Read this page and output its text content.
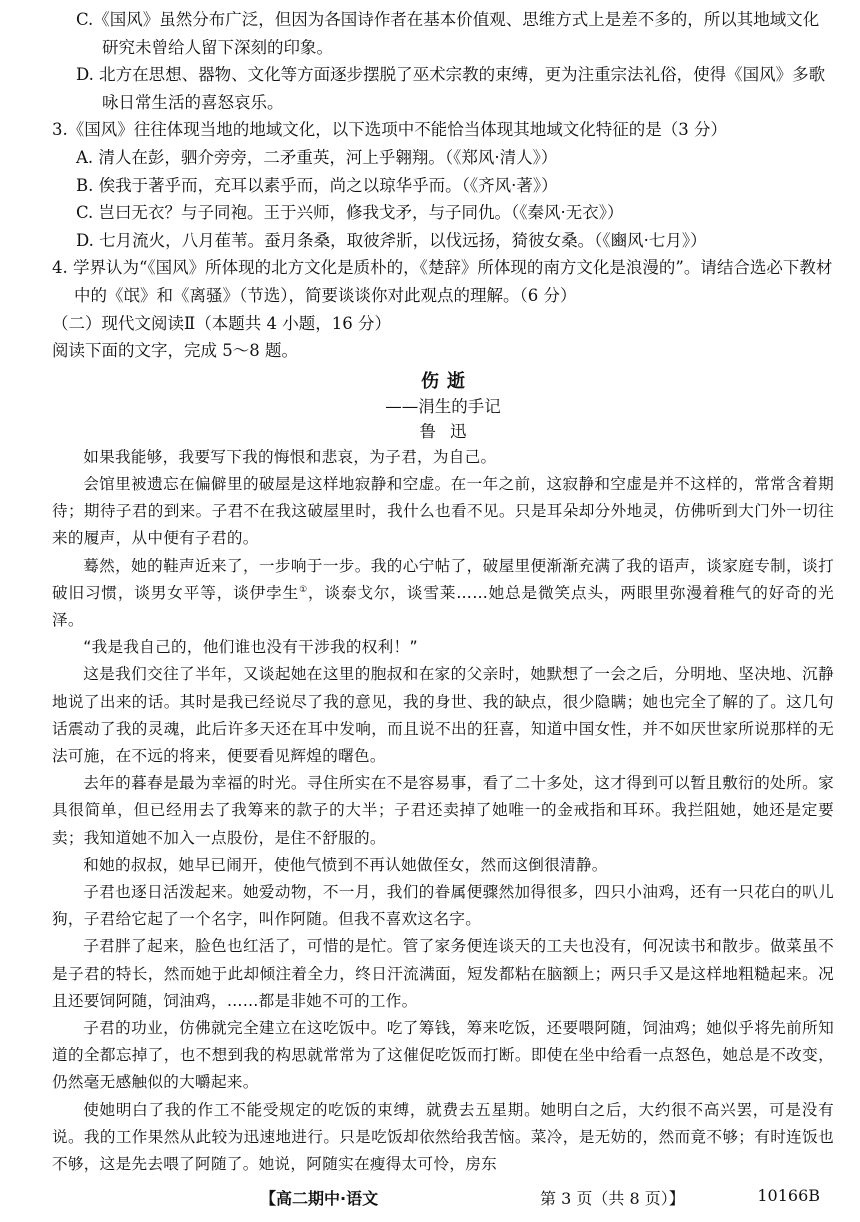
C.《国风》虽然分布广泛，但因为各国诗作者在基本价值观、思维方式上是差不多的，所以其地域文化研究未曾给人留下深刻的印象。

D. 北方在思想、器物、文化等方面逐步摆脱了巫术宗教的束缚，更为注重宗法礼俗，使得《国风》多歌咏日常生活的喜怒哀乐。

3.《国风》往往体现当地的地域文化，以下选项中不能恰当体现其地域文化特征的是（3 分）

A. 清人在彭，驷介旁旁，二矛重英，河上乎翱翔。（《郑风·清人》）

B. 俟我于著乎而，充耳以素乎而，尚之以琼华乎而。（《齐风·著》）

C. 岂曰无衣？与子同袍。王于兴师，修我戈矛，与子同仇。（《秦风·无衣》）

D. 七月流火，八月萑苇。蚕月条桑，取彼斧斨，以伐远扬，猗彼女桑。（《豳风·七月》）

4. 学界认为“《国风》所体现的北方文化是质朴的，《楚辞》所体现的南方文化是浪漫的”。请结合选必下教材中的《氓》和《离骚》（节选），简要谈谈你对此观点的理解。（6 分）

（二）现代文阅读Ⅱ（本题共 4 小题，16 分）

阅读下面的文字，完成 5～8 题。

伤逝

——涓生的手记

鲁迅

如果我能够，我要写下我的悔恨和悲哀，为子君，为自己。

会馆里被遗忘在偏僻里的破屋是这样地寂静和空虚。在一年之前，这寂静和空虚是并不这样的，常常含着期待；期待子君的到来。子君不在我这破屋里时，我什么也看不见。只是耳朵却分外地灵，仿佛听到大门外一切往来的履声，从中便有子君的。

蓦然，她的鞋声近来了，一步响于一步。我的心宁帖了，破屋里便渐渐充满了我的语声，谈家庭专制，谈打破旧习惯，谈男女平等，谈伊孛生①，谈泰戈尔，谈雪莱……她总是微笑点头，两眼里弥漫着稚气的好奇的光泽。

“我是我自己的，他们谁也没有干涉我的权利！”

这是我们交往了半年，又谈起她在这里的胞叔和在家的父亲时，她默想了一会之后，分明地、坚决地、沉静地说了出来的话。其时是我已经说尽了我的意见，我的身世、我的缺点，很少隐瞒；她也完全了解的了。这几句话震动了我的灵魂，此后许多天还在耳中发响，而且说不出的狂喜，知道中国女性，并不如厌世家所说那样的无法可施，在不远的将来，便要看见辉煌的曙色。

去年的暮春是最为幸福的时光。寻住所实在不是容易事，看了二十多处，这才得到可以暂且敷衍的处所。家具很简单，但已经用去了我筹来的款子的大半；子君还卖掉了她唯一的金戒指和耳环。我拦阻她，她还是定要卖；我知道她不加入一点股份，是住不舒服的。

和她的叔叔，她早已闹开，使他气愤到不再认她做侄女，然而这倒很清静。

子君也逐日活泼起来。她爱动物，不一月，我们的眷属便骤然加得很多，四只小油鸡，还有一只花白的叭儿狗，子君给它起了一个名字，叫作阿随。但我不喜欢这名字。

子君胖了起来，脸色也红活了，可惜的是忙。管了家务便连谈天的工夫也没有，何况读书和散步。做菜虽不是子君的特长，然而她于此却倾注着全力，终日汗流满面，短发都粘在脑额上；两只手又是这样地粗糙起来。况且还要饲阿随，饲油鸡，……都是非她不可的工作。

子君的功业，仿佛就完全建立在这吃饭中。吃了筹钱，筹来吃饭，还要喂阿随，饲油鸡；她似乎将先前所知道的全都忘掉了，也不想到我的构思就常常为了这催促吃饭而打断。即使在坐中给看一点怒色，她总是不改变，仍然毫无感触似的大嚼起来。

使她明白了我的作工不能受规定的吃饭的束缚，就费去五星期。她明白之后，大约很不高兴罢，可是没有说。我的工作果然从此较为迅速地进行。只是吃饭却依然给我苦恼。菜冷，是无妨的，然而竟不够；有时连饭也不够，这是先去喂了阿随了。她说，阿随实在瘦得太可怜，房东

【高二期中·语文	第 3 页（共 8 页）】	10166B
